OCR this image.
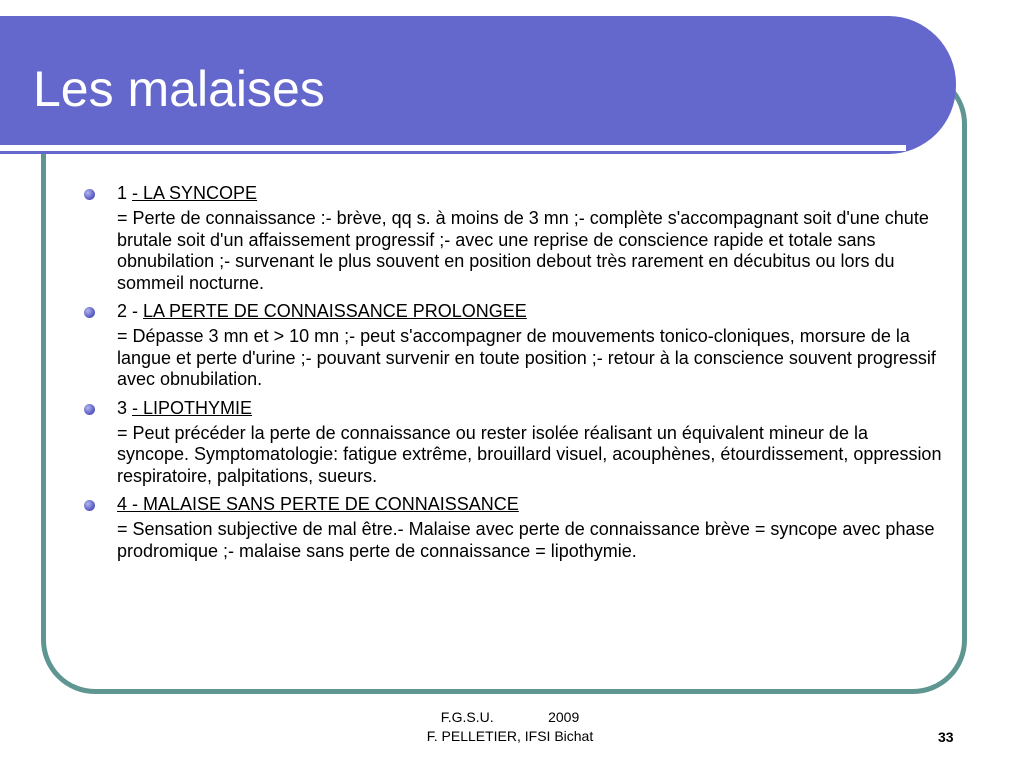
Les malaises
1 - LA SYNCOPE
= Perte de connaissance :- brève, qq s. à moins de 3 mn ;- complète s'accompagnant soit d'une chute brutale soit d'un affaissement progressif ;- avec une reprise de conscience rapide et totale sans obnubilation ;- survenant le plus souvent en position debout très rarement en décubitus ou lors du sommeil nocturne.
2 - LA PERTE DE CONNAISSANCE PROLONGEE
= Dépasse 3 mn et > 10 mn ;- peut s'accompagner de mouvements tonico-cloniques, morsure de la langue et perte d'urine ;- pouvant survenir en toute position ;- retour à la conscience souvent progressif avec obnubilation.
3 - LIPOTHYMIE
= Peut précéder la perte de connaissance ou rester isolée réalisant un équivalent mineur de la syncope. Symptomatologie: fatigue extrême, brouillard visuel, acouphènes, étourdissement, oppression respiratoire, palpitations, sueurs.
4 - MALAISE SANS PERTE DE CONNAISSANCE
= Sensation subjective de mal être.- Malaise avec perte de connaissance brève = syncope avec phase prodromique ;- malaise sans perte de connaissance = lipothymie.
F.G.S.U.              2009
F. PELLETIER, IFSI Bichat	33
